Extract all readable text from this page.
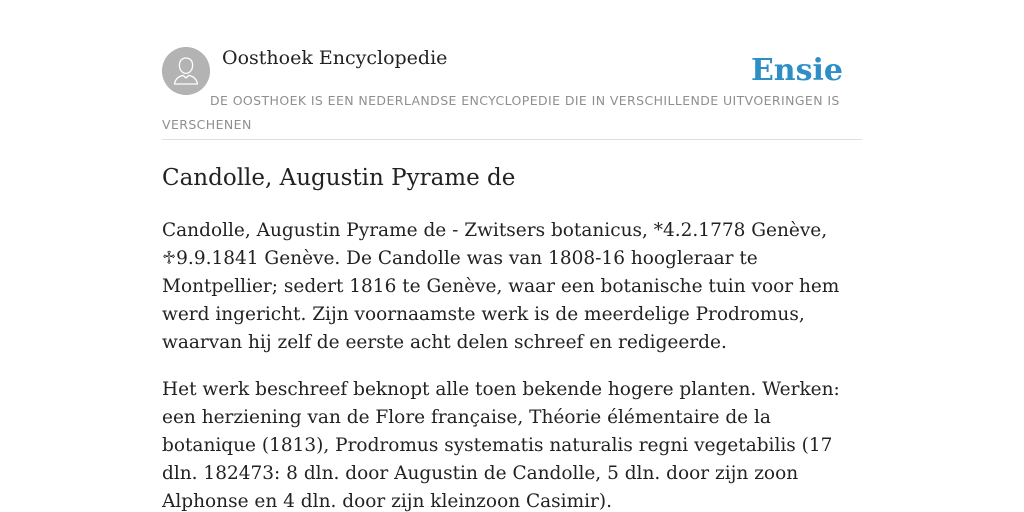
Oosthoek Encyclopedie	Ensie
DE OOSTHOEK IS EEN NEDERLANDSE ENCYCLOPEDIE DIE IN VERSCHILLENDE UITVOERINGEN IS VERSCHENEN
Candolle, Augustin Pyrame de

Candolle, Augustin Pyrame de - Zwitsers botanicus, *4.2.1778 Genève, ♱9.9.1841 Genève. De Candolle was van 1808-16 hoogleraar te Montpellier; sedert 1816 te Genève, waar een botanische tuin voor hem werd ingericht. Zijn voornaamste werk is de meerdelige Prodromus, waarvan hij zelf de eerste acht delen schreef en redigeerde.

Het werk beschreef beknopt alle toen bekende hogere planten. Werken: een herziening van de Flore française, Théorie élémentaire de la botanique (1813), Prodromus systematis naturalis regni vegetabilis (17 dln. 182473: 8 dln. door Augustin de Candolle, 5 dln. door zijn zoon Alphonse en 4 dln. door zijn kleinzoon Casimir).
